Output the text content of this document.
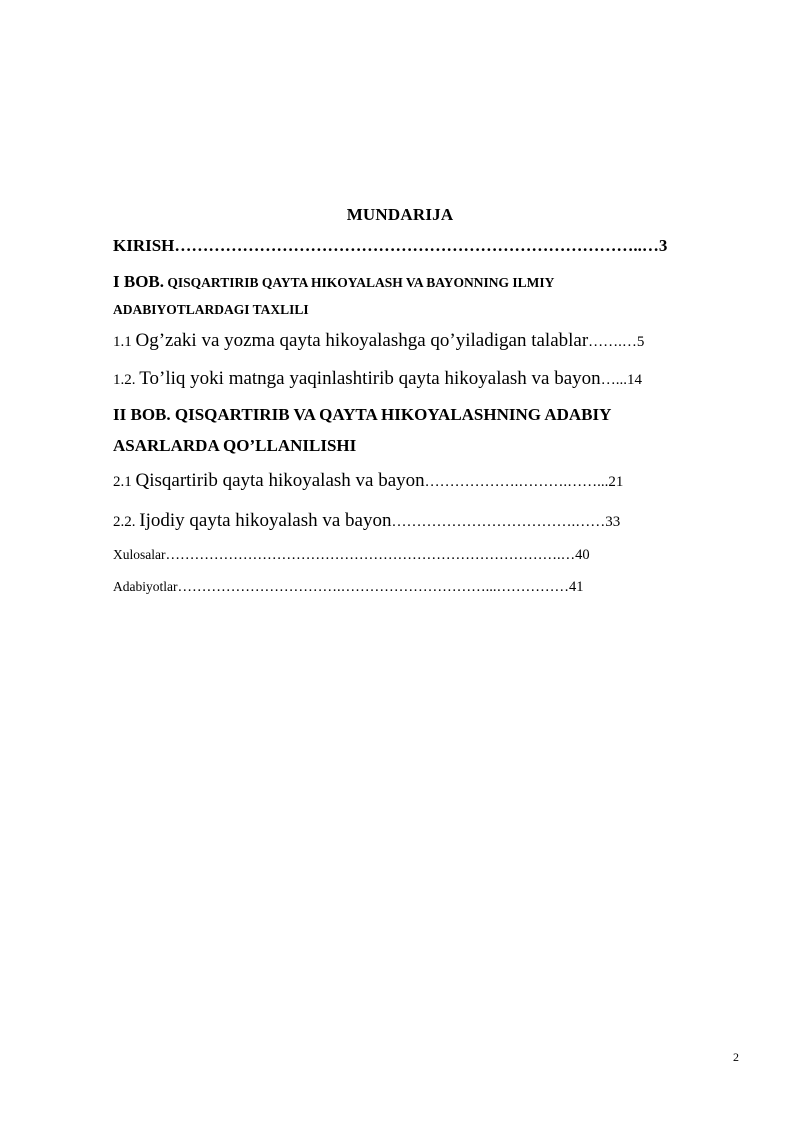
MUNDARIJA
KIRISH………………………………………………………………………..…3
I BOB. QISQARTIRIB QAYTA HIKOYALASH VA BAYONNING ILMIY
ADABIYOTLARDAGI TAXLILI
1.1 Og’zaki va yozma qayta hikoyalashga qo’yiladigan talablar…….…5
1.2. To’liq yoki matnga yaqinlashtirib qayta hikoyalash va bayon…...14
II BOB. QISQARTIRIB VA QAYTA HIKOYALASHNING ADABIY
ASARLARDA QO’LLANILISHI
2.1 Qisqartirib qayta hikoyalash va bayon……………….……….……...21
2.2. Ijodiy qayta hikoyalash va bayon……………………………….……33
Xulosalar……………………………………………………………………….…40
Adabiyotlar…………………………….…………………………...……………41
2
